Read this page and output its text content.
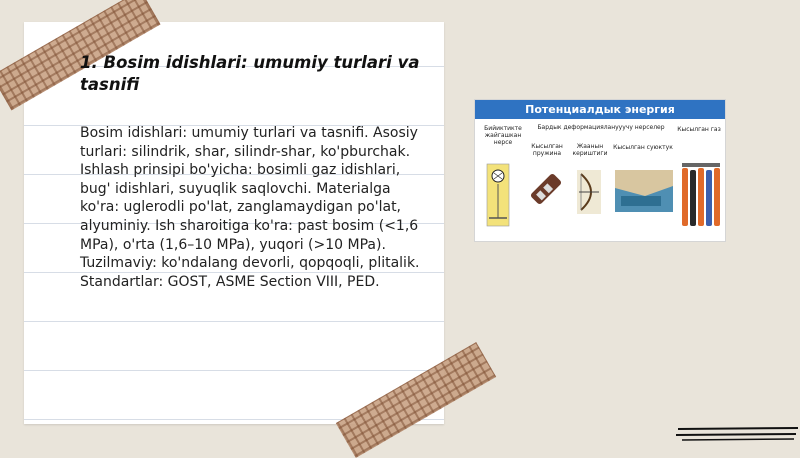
1. Bosim idishlari: umumiy turlari va tasnifi

Bosim idishlari: umumiy turlari va tasnifi. Asosiy turlari: silindrik, shar, silindr-shar, ko'pburchak. Ishlash prinsipi bo'yicha: bosimli gaz idishlari, bug' idishlari, suyuqlik saqlovchi. Materialga ko'ra: uglerodli po'lat, zanglamaydigan po'lat, alyuminiy. Ish sharoitiga ko'ra: past bosim (<1,6 MPa), o'rta (1,6–10 MPa), yuqori (>10 MPa). Tuzilmaviy: ko'ndalang devorli, qopqoqli, plitalik. Standartlar: GOST, ASME Section VIII, PED.

Потенциалдык энергия
Бийиктикте жайгашкан нерсе
Бардык деформацияланууучу нерселер
Кысылган пружина
Жаанын кериштиги
Кысылган суюктук
Кысылган газ
